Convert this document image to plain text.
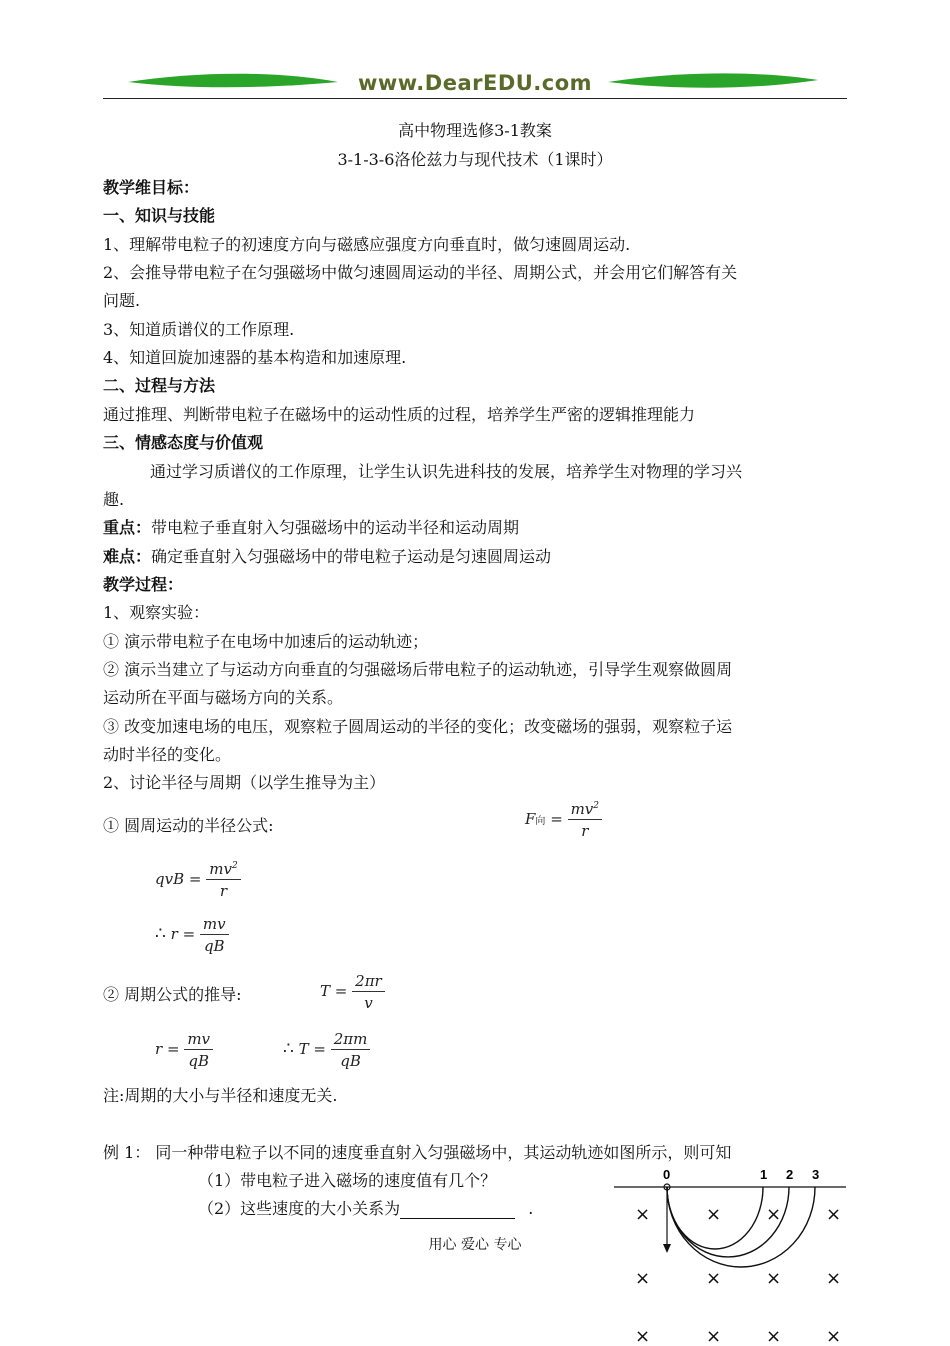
www.DearEDU.com
高中物理选修3-1教案
3-1-3-6洛伦兹力与现代技术（1课时）
教学维目标：
一、知识与技能
1、理解带电粒子的初速度方向与磁感应强度方向垂直时，做匀速圆周运动.
2、会推导带电粒子在匀强磁场中做匀速圆周运动的半径、周期公式，并会用它们解答有关
问题.
3、知道质谱仪的工作原理.
4、知道回旋加速器的基本构造和加速原理.
二、过程与方法
通过推理、判断带电粒子在磁场中的运动性质的过程，培养学生严密的逻辑推理能力
三、情感态度与价值观
通过学习质谱仪的工作原理，让学生认识先进科技的发展，培养学生对物理的学习兴
趣.
重点：带电粒子垂直射入匀强磁场中的运动半径和运动周期
难点：确定垂直射入匀强磁场中的带电粒子运动是匀速圆周运动
教学过程：
1、观察实验：
① 演示带电粒子在电场中加速后的运动轨迹；
② 演示当建立了与运动方向垂直的匀强磁场后带电粒子的运动轨迹，引导学生观察做圆周
运动所在平面与磁场方向的关系。
③ 改变加速电场的电压，观察粒子圆周运动的半径的变化；改变磁场的强弱，观察粒子运
动时半径的变化。
2、讨论半径与周期（以学生推导为主）
① 圆周运动的半径公式:	F向 = $\frac{mv^2}{r}$
qvB = $\frac{mv^2}{r}$
∴ $r = \frac{mv}{qB}$
② 周期公式的推导:	$T = \frac{2\pi r}{v}$
$r = \frac{mv}{qB}$	∴ $T = \frac{2\pi m}{qB}$
注:周期的大小与半径和速度无关.
例 1： 同一种带电粒子以不同的速度垂直射入匀强磁场中，其运动轨迹如图所示，则可知
（1）带电粒子进入磁场的速度值有几个？
（2）这些速度的大小关系为	.
0	1 2 3
×	× × ×
×	× × ×
×	× × ×
用心 爱心 专心
